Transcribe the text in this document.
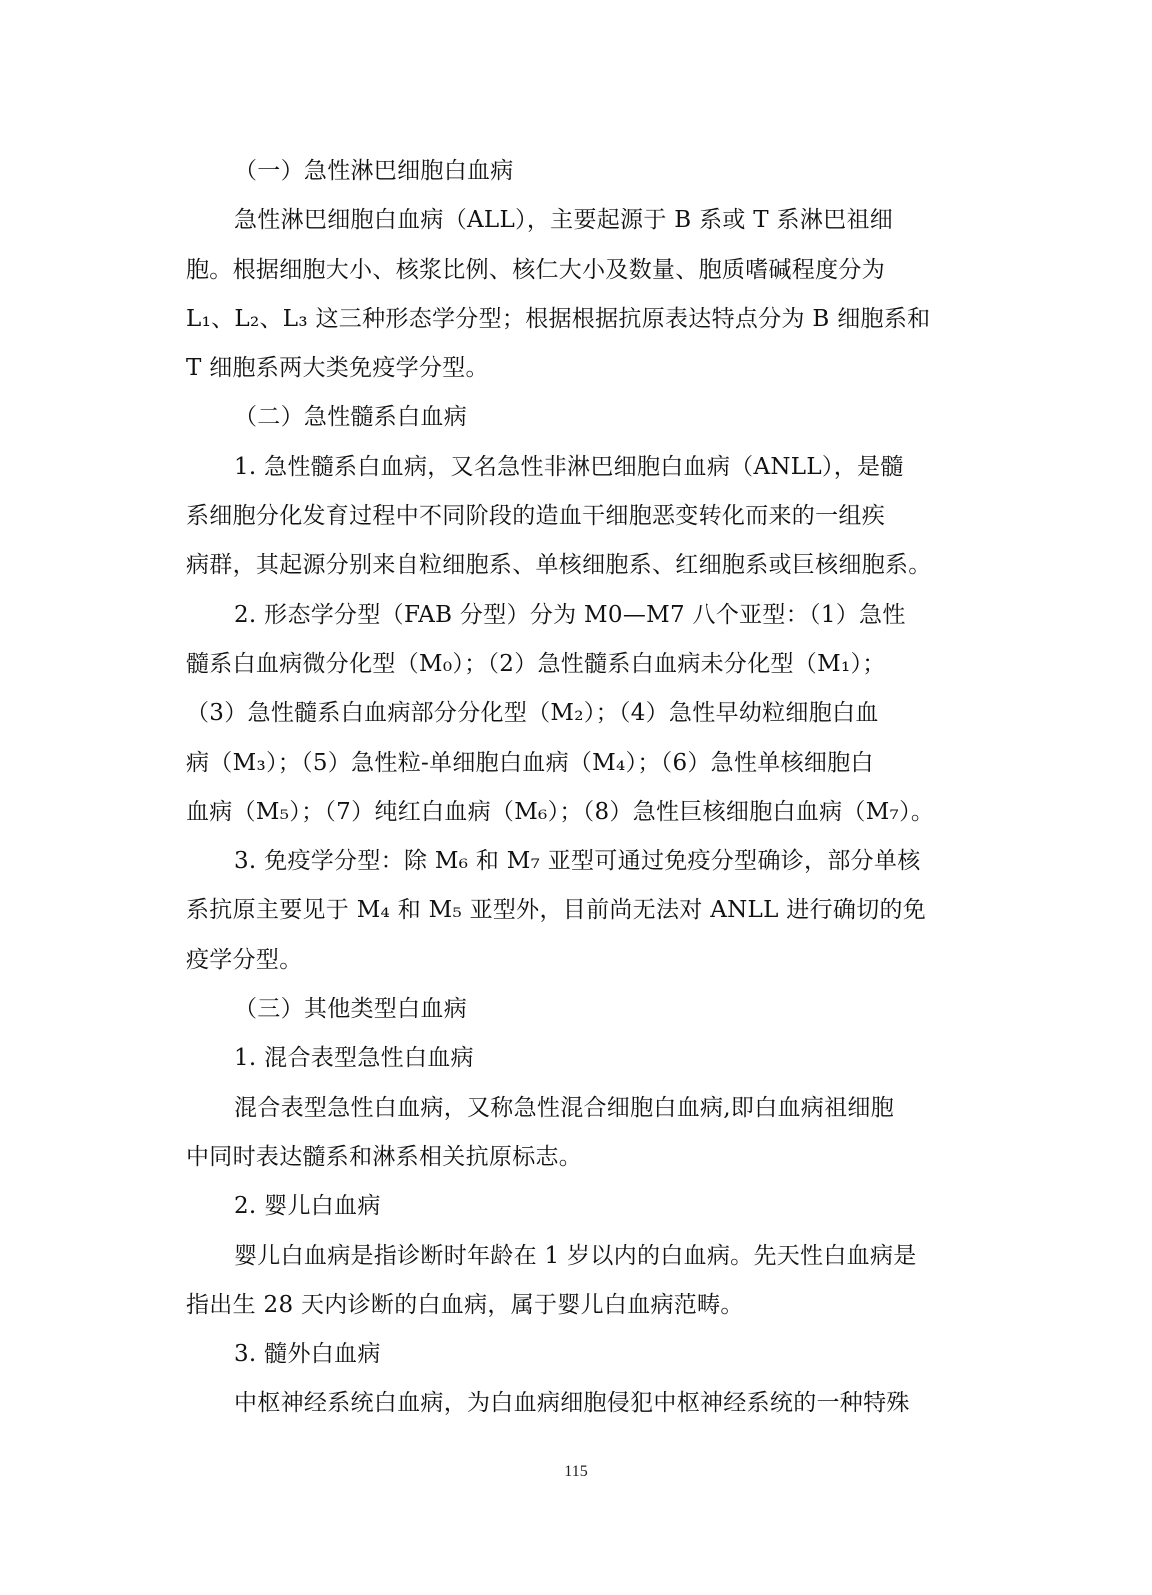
（一）急性淋巴细胞白血病
急性淋巴细胞白血病（ALL），主要起源于 B 系或 T 系淋巴祖细
胞。根据细胞大小、核浆比例、核仁大小及数量、胞质嗜碱程度分为
L₁、L₂、L₃ 这三种形态学分型；根据根据抗原表达特点分为 B 细胞系和
T 细胞系两大类免疫学分型。
（二）急性髓系白血病
1. 急性髓系白血病，又名急性非淋巴细胞白血病（ANLL），是髓
系细胞分化发育过程中不同阶段的造血干细胞恶变转化而来的一组疾
病群，其起源分别来自粒细胞系、单核细胞系、红细胞系或巨核细胞系。
2. 形态学分型（FAB 分型）分为 M0—M7 八个亚型：（1）急性
髓系白血病微分化型（M₀）；（2）急性髓系白血病未分化型（M₁）；
（3）急性髓系白血病部分分化型（M₂）；（4）急性早幼粒细胞白血
病（M₃）；（5）急性粒-单细胞白血病（M₄）；（6）急性单核细胞白
血病（M₅）；（7）纯红白血病（M₆）；（8）急性巨核细胞白血病（M₇）。
3. 免疫学分型：除 M₆ 和 M₇ 亚型可通过免疫分型确诊，部分单核
系抗原主要见于 M₄ 和 M₅ 亚型外，目前尚无法对 ANLL 进行确切的免
疫学分型。
（三）其他类型白血病
1. 混合表型急性白血病
混合表型急性白血病，又称急性混合细胞白血病,即白血病祖细胞
中同时表达髓系和淋系相关抗原标志。
2. 婴儿白血病
婴儿白血病是指诊断时年龄在 1 岁以内的白血病。先天性白血病是
指出生 28 天内诊断的白血病，属于婴儿白血病范畴。
3. 髓外白血病
中枢神经系统白血病，为白血病细胞侵犯中枢神经系统的一种特殊
115
